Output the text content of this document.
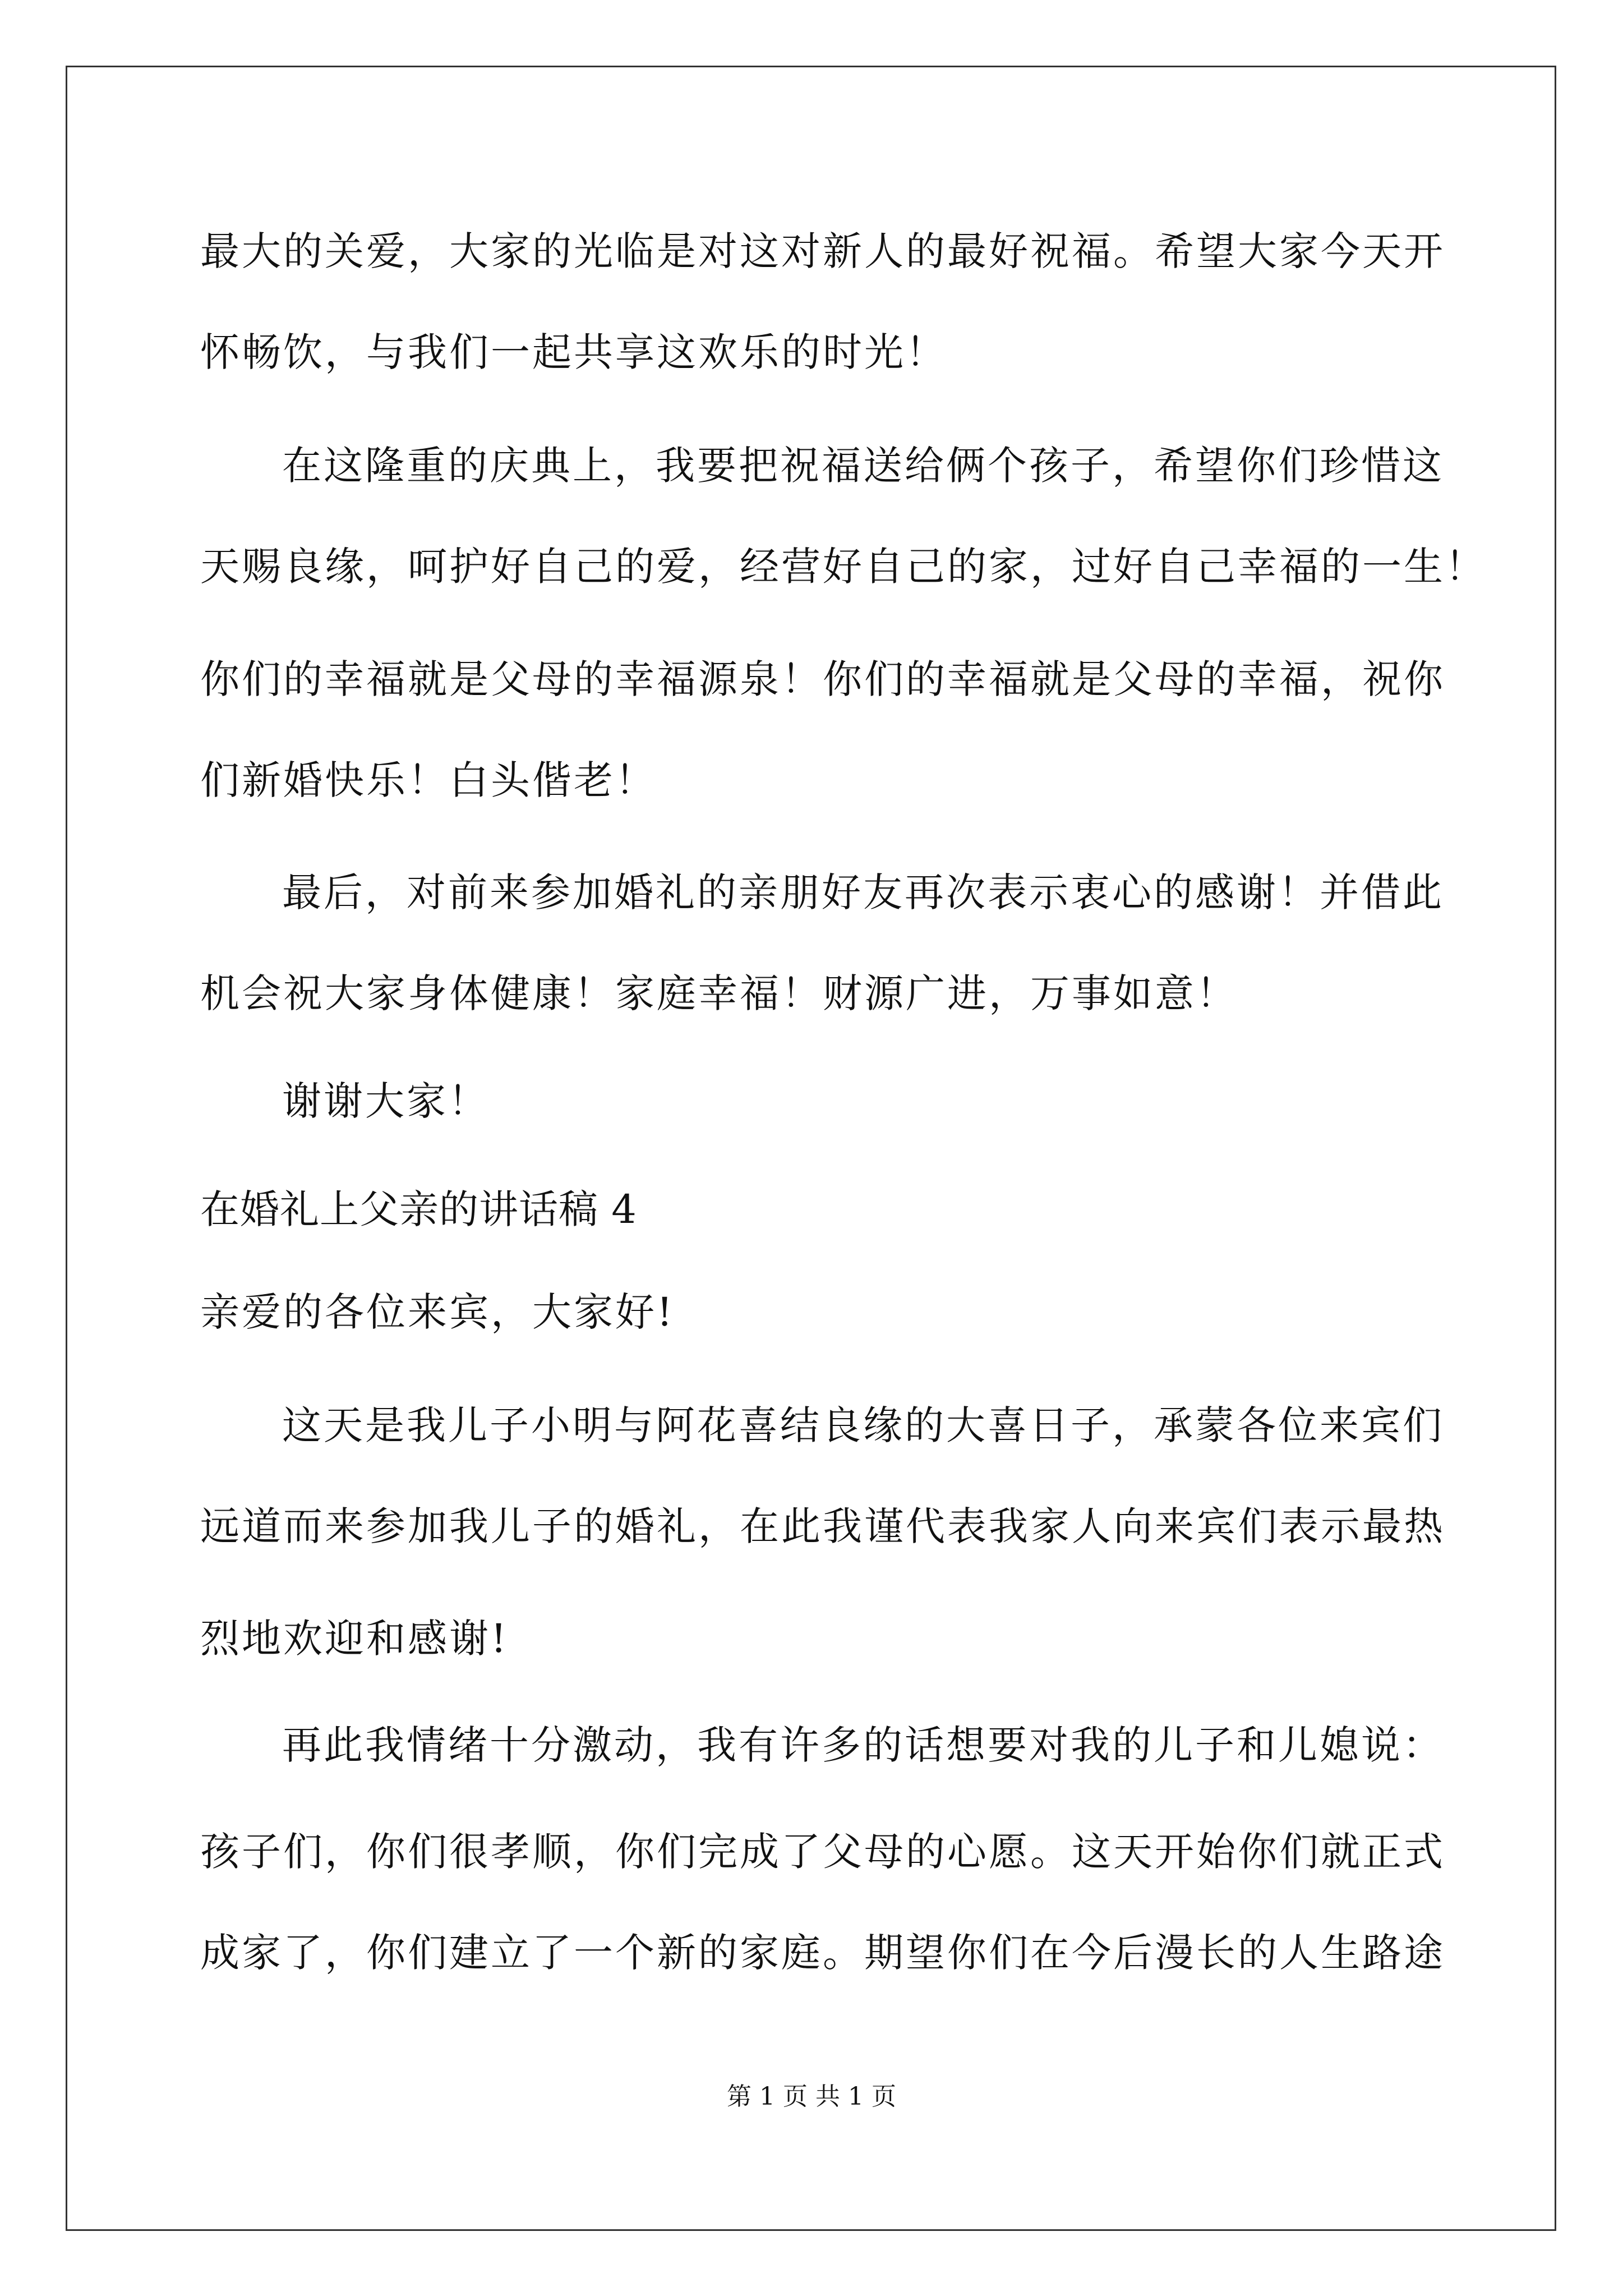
最大的关爱，大家的光临是对这对新人的最好祝福。希望大家今天开
怀畅饮，与我们一起共享这欢乐的时光！
在这隆重的庆典上，我要把祝福送给俩个孩子，希望你们珍惜这
天赐良缘，呵护好自己的爱，经营好自己的家，过好自己幸福的一生！
你们的幸福就是父母的幸福源泉！你们的幸福就是父母的幸福，祝你
们新婚快乐！白头偕老！
最后，对前来参加婚礼的亲朋好友再次表示衷心的感谢！并借此
机会祝大家身体健康！家庭幸福！财源广进，万事如意！
谢谢大家！
在婚礼上父亲的讲话稿 4
亲爱的各位来宾，大家好!
这天是我儿子小明与阿花喜结良缘的大喜日子，承蒙各位来宾们
远道而来参加我儿子的婚礼，在此我谨代表我家人向来宾们表示最热
烈地欢迎和感谢!
再此我情绪十分激动，我有许多的话想要对我的儿子和儿媳说：
孩子们，你们很孝顺，你们完成了父母的心愿。这天开始你们就正式
成家了，你们建立了一个新的家庭。期望你们在今后漫长的人生路途
第 1 页 共 1 页
